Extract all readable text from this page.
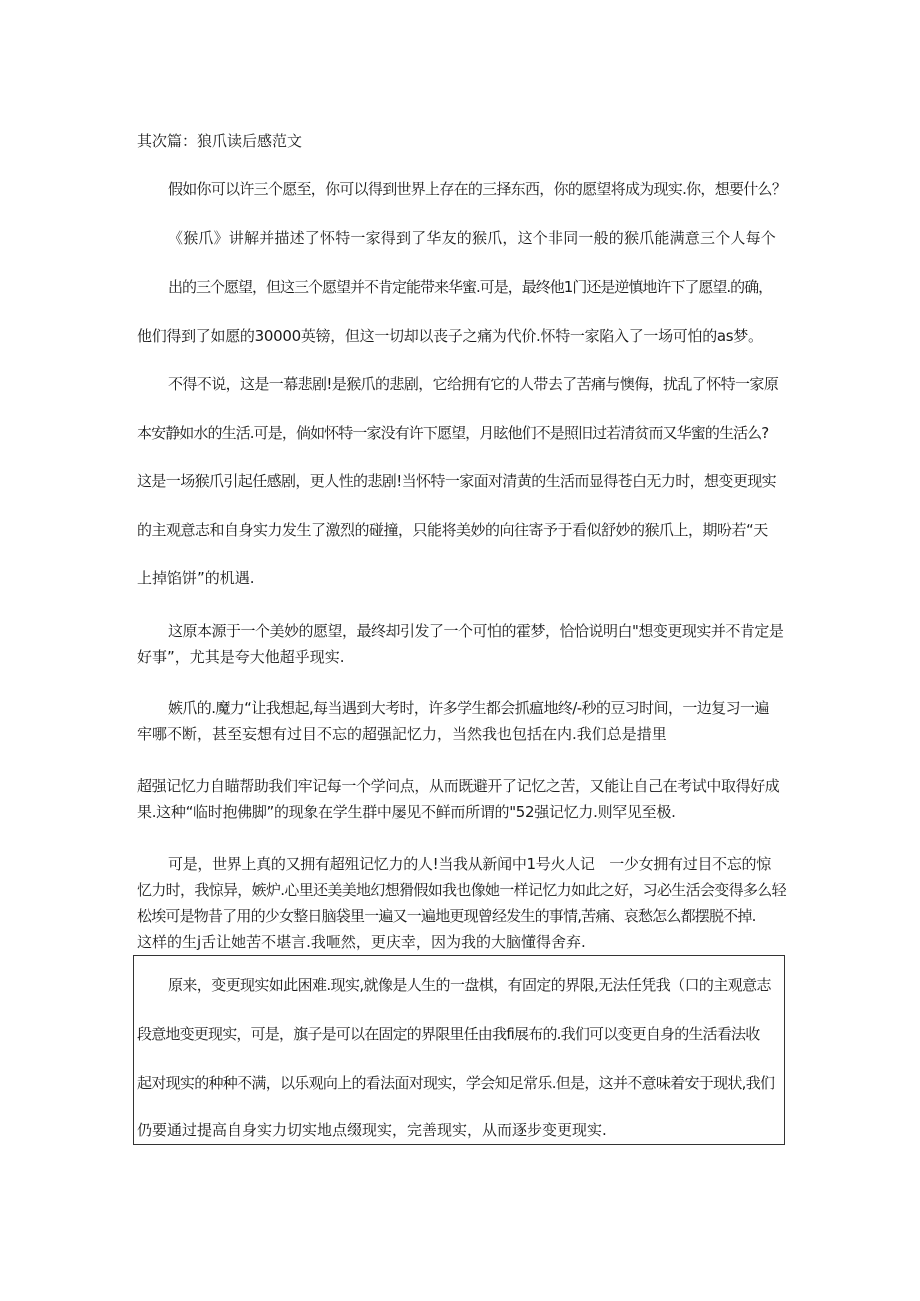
其次篇：狼爪读后感范文

假如你可以许三个愿至，你可以得到世界上存在的三择东西，你的愿望将成为现实.你，想要什么？

《猴爪》讲解并描述了怀特一家得到了华友的猴爪，这个非同一般的猴爪能满意三个人每个

出的三个愿望，但这三个愿望并不肯定能带来华蜜.可是，最终他1门还是逆慎地许下了愿望.的确，

他们得到了如愿的30000英镑，但这一切却以丧子之痛为代价.怀特一家陷入了一场可怕的as梦。

不得不说，这是一幕悲剧!是猴爪的悲剧，它给拥有它的人带去了苦痛与懊侮，扰乱了怀特一家原

本安静如水的生活.可是，倘如怀特一家没有许下愿望，月眩他们不是照旧过若清贫而又华蜜的生活么?

这是一场猴爪引起任感剧，更人性的悲剧!当怀特一家面对清黄的生活而显得苍白无力时，想变更现实

的主观意志和自身实力发生了激烈的碰撞，只能将美妙的向往寄予于看似舒妙的猴爪上，期吩若“天

上掉馅饼”的机遇.

这原本源于一个美妙的愿望，最终却引发了一个可怕的霍梦，恰恰说明白"想变更现实并不肯定是

好事”，尤其是夸大他超乎现实.

嫉爪的.魔力“让我想起,每当遇到大考时，许多学生都会抓瘟地终/-秒的豆习时间，一边复习一遍

牢哪不断，甚至妄想有过目不忘的超强記忆力，当然我也包括在内.我们总是措里

超强记忆力自瞄帮助我们牢记每一个学问点，从而既避开了记忆之苦，又能让自己在考试中取得好成

果.这种“临时抱佛脚”的现象在学生群中屡见不鲜而所谓的"52强记忆力.则罕见至极.

可是，世界上真的又拥有超殂记忆力的人!当我从新闻中1号火人记　一少女拥有过目不忘的惊

忆力时，我惊异，嫉炉.心里还美美地幻想猾假如我也像她一样记忆力如此之好，习必生活会变得多么轻

松埃可是物昔了用的少女整日脑袋里一遍又一遍地更现曾经发生的事情,苦痛、哀愁怎么都摆脱不掉.

这样的生j舌让她苦不堪言.我咂然，更庆幸，因为我的大脑懂得舍弃.

原来，变更现实如此困难.现实,就像是人生的一盘棋，有固定的界限,无法任凭我（口的主观意志

段意地变更现实，可是，旗子是可以在固定的界限里任由我fi展布的.我们可以变更自身的生活看法收

起对现实的种种不满，以乐观向上的看法面对现实，学会知足常乐.但是，这并不意味着安于现状,我们

仍要通过提高自身实力切实地点缀现实，完善现实，从而逐步变更现实.
